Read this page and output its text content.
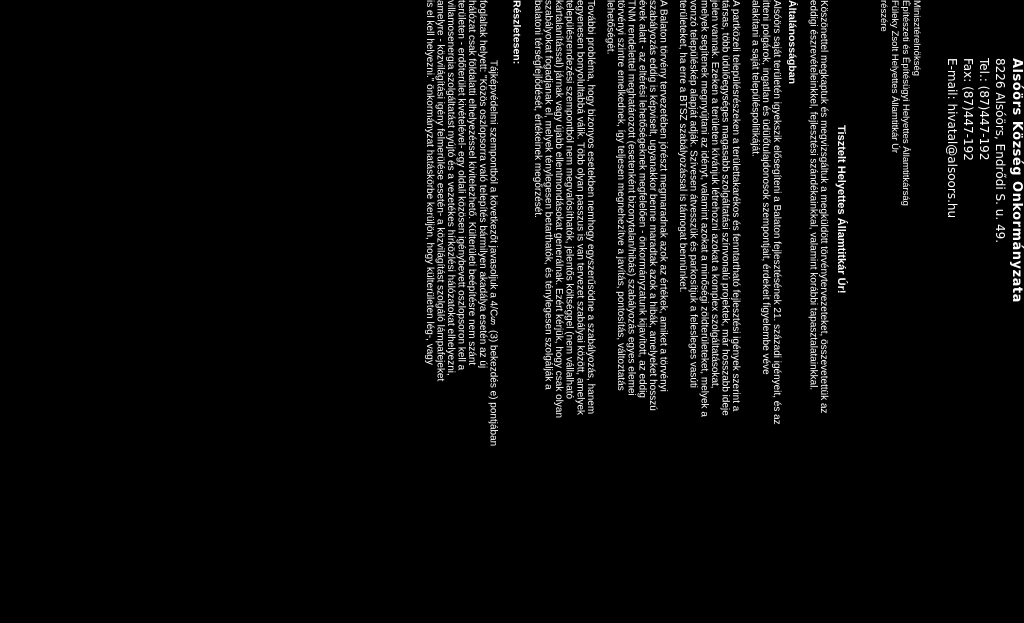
Alsóörs Község Önkormányzata
8226 Alsóörs, Endrődi S. u. 49.
Tel.: (87)447-192
Fax: (87)447-192
E-mail: hivatal@alsoors.hu
Minisztérelnökség
Építészeti és Építésügyi Helyettes Államtitkárság
Füleky Zsolt Helyettes Államtitkár Úr
részére
Tisztelt Helyettes Államtitkár Úr!
Köszönettel megkaptuk és megvizsgáltuk a megküldött törvénytervezeteket, összevetettük az
eddigi észrevételeinkkel, fejlesztési szándékainkkal, valamint korábbi tapasztalatainkkal.
Általánosságban
Alsóörs saját területén igyekszik elősegíteni a Balaton fejlesztésének 21. századi igényeit, és az
itteni polgárok, ingatlan és üdülőtulajdonosok szempontjait, érdekeit figyelembe véve
alakítani a saját településpolitikáját.
A partközeli településrészeken a területtakarékos és fenntartható fejlesztési igények szerint a
társas, több üdülőegységes magasabb szolgáltatási színvonalú projektek, már hosszabb ideje
jelen vannak. Ezeken a területen kívánjuk létrehozni azokat a komplex szolgáltatásokat,
melyek segítenek megnyújtani az idényt, valamint azokat a minőségi zöldterületeket, melyek a
vonzó településkép alapját adják. Szívesen átvesszük és parkosítjuk a felesleges vasúti
területeket, ha erre a BTSZ szabályozással is támogat bennünket.
A Balaton törvény tervezetében jórészt megmaradnak azok az értékek, amiket a törvényi
szabályozás eddig is képviselt, ugyanakkor benne maradtak azok a hibák, amelyeket hosszú
évek alatt - az eltérési lehetőségeknek megfelelően - önkormányzatunk kijavított, az eddig
TNM rendelettel meghatározott (esetenként bizonytalan/hibás) szabályozás egyes elemei
törvényi szintre emelkednek, így teljesen megnehezítve a javítás, pontosítás, változtatás
lehetőségét.
További probléma, hogy bizonyos esetekben nemhogy egyszerűsödne a szabályozás, hanem
egyenesen bonyolultabbá válik. Több olyan passzus is van tervezet szabályai között, amelyek
településrendezési szempontból nem megvalósíthatók, jelentős költséggel (nem vállalható
kártalanítással) járnak vagy újabb ellentmondásokat generálnak. Ezért kérjük, hogy csak olyan
szabályokat fogadjanak el, melyek ténylegesen betarthatók, és ténylegesen szolgálják a
balatoni térségfejlődését, értékeinek megőrzését.
Részletesen:
Tájképvédelmi szempontból a következőt javasoljuk a 4/C§ (3) bekezdés e) pontjában
foglaltak helyett: "Közös oszlopsorra való telepítés bármilyen akadálya esetén az új
hálózat csak földalatti elhelyezéssel kivitelezhető. Külterületi beépítésre nem szánt
területen - erdőterület kivételével- egy oldali közösen igénybevett oszlopsoron kell a
villamosenergia szolgáltatást nyújtó és a vezetékes hírközlési hálózatokat elhelyezni,
amelyre - közvilágítási igény felmerülése esetén- a közvilágítást szolgáló lámpafejeket
is el kell helyezni." önkormányzat hatáskörbe kerüljön, hogy külterületen lég-, vagy
